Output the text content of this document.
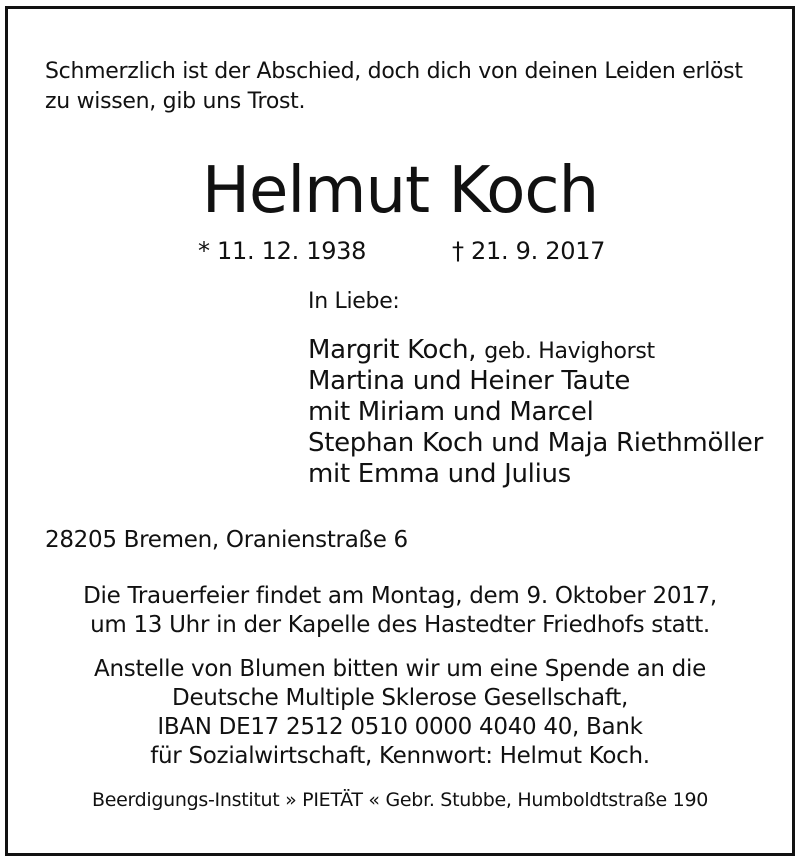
Schmerzlich ist der Abschied, doch dich von deinen Leiden erlöst
zu wissen, gib uns Trost.
Helmut Koch
* 11. 12. 1938	† 21. 9. 2017
In Liebe:
Margrit Koch, geb. Havighorst
Martina und Heiner Taute
mit Miriam und Marcel
Stephan Koch und Maja Riethmöller
mit Emma und Julius
28205 Bremen, Oranienstraße 6
Die Trauerfeier findet am Montag, dem 9. Oktober 2017,
um 13 Uhr in der Kapelle des Hastedter Friedhofs statt.
Anstelle von Blumen bitten wir um eine Spende an die
Deutsche Multiple Sklerose Gesellschaft,
IBAN DE17 2512 0510 0000 4040 40, Bank
für Sozialwirtschaft, Kennwort: Helmut Koch.
Beerdigungs-Institut » PIETÄT « Gebr. Stubbe, Humboldtstraße 190
